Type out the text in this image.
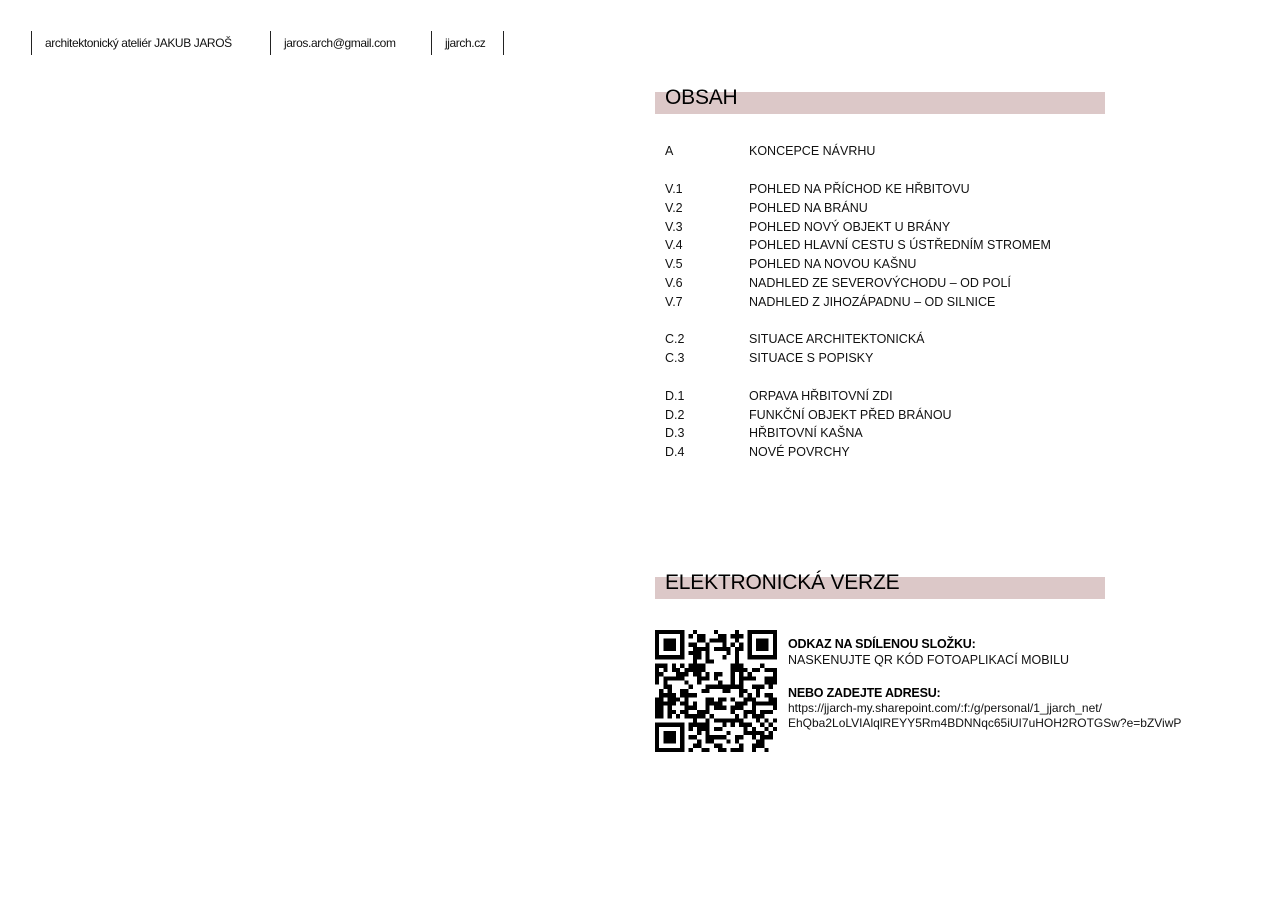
architektonický ateliér JAKUB JAROŠ	jaros.arch@gmail.com	jjarch.cz
OBSAH
A	KONCEPCE NÁVRHU
V.1	POHLED NA PŘÍCHOD KE HŘBITOVU
V.2	POHLED NA BRÁNU
V.3	POHLED NOVÝ OBJEKT U BRÁNY
V.4	POHLED HLAVNÍ CESTU S ÚSTŘEDNÍM STROMEM
V.5	POHLED NA NOVOU KAŠNU
V.6	NADHLED ZE SEVEROVÝCHODU – OD POLÍ
V.7	NADHLED Z JIHOZÁPADNU – OD SILNICE
C.2	SITUACE ARCHITEKTONICKÁ
C.3	SITUACE S POPISKY
D.1	ORPAVA HŘBITOVNÍ ZDI
D.2	FUNKČNÍ OBJEKT PŘED BRÁNOU
D.3	HŘBITOVNÍ KAŠNA
D.4	NOVÉ POVRCHY
ELEKTRONICKÁ VERZE
ODKAZ NA SDÍLENOU SLOŽKU:
NASKENUJTE QR KÓD FOTOAPLIKACÍ MOBILU
NEBO ZADEJTE ADRESU:
https://jjarch-my.sharepoint.com/:f:/g/personal/1_jjarch_net/
EhQba2LoLVIAlqlREYY5Rm4BDNNqc65iUI7uHOH2ROTGSw?e=bZViwP
